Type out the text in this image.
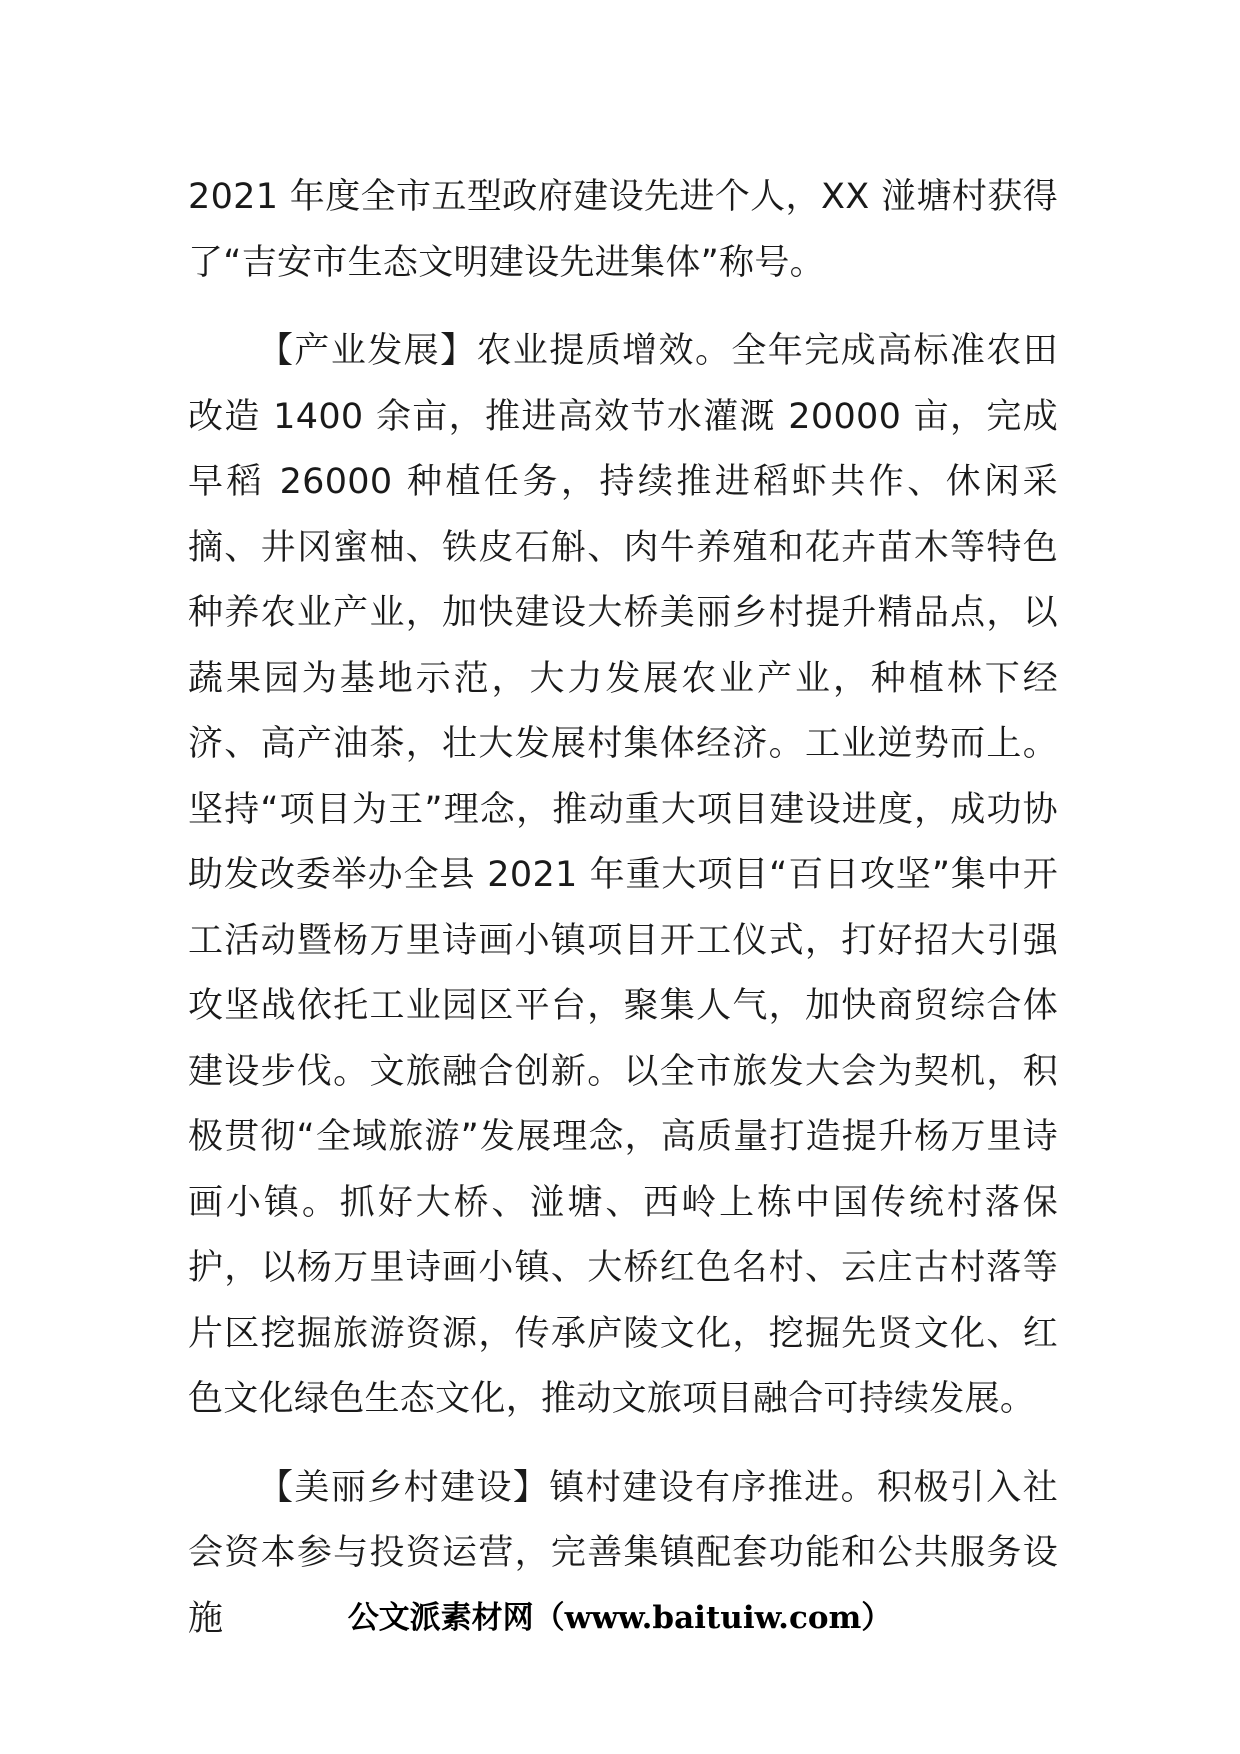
2021 年度全市五型政府建设先进个人，XX 湴塘村获得了“吉安市生态文明建设先进集体”称号。

【产业发展】农业提质增效。全年完成高标准农田改造 1400 余亩，推进高效节水灌溉 20000 亩，完成早稻 26000 种植任务，持续推进稻虾共作、休闲采摘、井冈蜜柚、铁皮石斛、肉牛养殖和花卉苗木等特色种养农业产业，加快建设大桥美丽乡村提升精品点，以蔬果园为基地示范，大力发展农业产业，种植林下经济、高产油茶，壮大发展村集体经济。工业逆势而上。坚持“项目为王”理念，推动重大项目建设进度，成功协助发改委举办全县 2021 年重大项目“百日攻坚”集中开工活动暨杨万里诗画小镇项目开工仪式，打好招大引强攻坚战依托工业园区平台，聚集人气，加快商贸综合体建设步伐。文旅融合创新。以全市旅发大会为契机，积极贯彻“全域旅游”发展理念，高质量打造提升杨万里诗画小镇。抓好大桥、湴塘、西岭上栋中国传统村落保护，以杨万里诗画小镇、大桥红色名村、云庄古村落等片区挖掘旅游资源，传承庐陵文化，挖掘先贤文化、红色文化绿色生态文化，推动文旅项目融合可持续发展。

【美丽乡村建设】镇村建设有序推进。积极引入社会资本参与投资运营，完善集镇配套功能和公共服务设施	公文派素材网（www.baituiw.com）
